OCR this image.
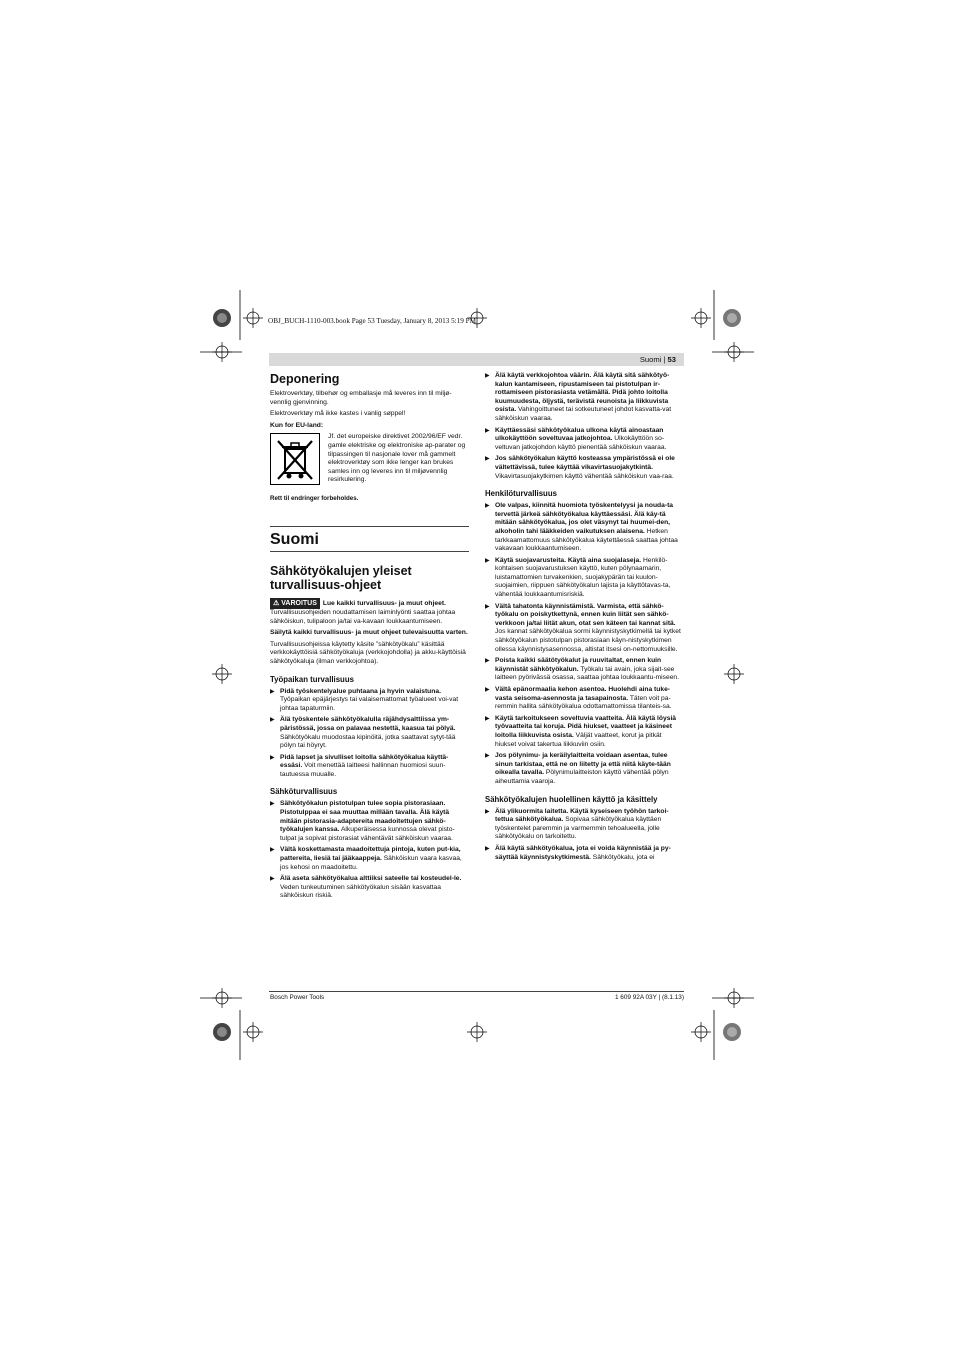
OBJ_BUCH-1110-003.book Page 53 Tuesday, January 8, 2013 5:19 PM
Suomi | 53
Deponering

Elektroverktøy, tilbehør og emballasje må leveres inn til miljø-vennlig gjenvinning.

Elektroverktøy må ikke kastes i vanlig søppel!

Kun for EU-land:

Jf. det europeiske direktivet 2002/96/EF vedr. gamle elektriske og elektroniske ap-parater og tilpassingen til nasjonale lover må gammelt elektroverktøy som ikke lenger kan brukes samles inn og leveres inn til miljøvennlig resirkulering.

Rett til endringer forbeholdes.

Suomi
Sähkötyökalujen yleiset turvallisuus-ohjeet

⚠ VAROITUS Lue kaikki turvallisuus- ja muut ohjeet. Turvallisuusohjeiden noudattamisen laiminlyönti saattaa johtaa sähköiskun, tulipaloon ja/tai va-kavaan loukkaantumiseen.

Säilytä kaikki turvallisuus- ja muut ohjeet tulevaisuutta varten.

Turvallisuusohjeissa käytetty käsite ”sähkötyökalu” käsittää verkkokäyttöisiä sähkötyökaluja (verkkojohdolla) ja akku-käyttöisiä sähkötyökaluja (ilman verkkojohtoa).

Työpaikan turvallisuus
▶ Pidä työskentelyalue puhtaana ja hyvin valaistuna. Työpaikan epäjärjestys tai valaisemattomat työalueet voi-vat johtaa tapaturmiin.
▶ Älä työskentele sähkötyökalulla räjähdysalttiissa ym-päristössä, jossa on palavaa nestettä, kaasua tai pölyä. Sähkötyökalu muodostaa kipinöitä, jotka saattavat sytyt-tää pölyn tai höyryt.
▶ Pidä lapset ja sivulliset loitolla sähkötyökalua käyttä-essäsi. Voit menettää laitteesi hallinnan huomiosi suun-tautuessa muualle.
Sähköturvallisuus
▶ Sähkötyökalun pistotulpan tulee sopia pistorasiaan. Pistotulppaa ei saa muuttaa millään tavalla. Älä käytä mitään pistorasia-adaptereita maadoitettujen sähkö-työkalujen kanssa. Alkuperäisessa kunnossa olevat pisto-tulpat ja sopivat pistorasiat vähentävät sähköiskun vaaraa.
▶ Vältä koskettamasta maadoitettuja pintoja, kuten put-kia, pattereita, liesiä tai jääkaappeja. Sähköiskun vaara kasvaa, jos kehosi on maadoitettu.
▶ Älä aseta sähkötyökalua alttiiksi sateelle tai kosteudel-le. Veden tunkeutuminen sähkötyökalun sisään kasvattaa sähköiskun riskiä.
▶ Älä käytä verkkojohtoa väärin. Älä käytä sitä sähkötyö-kalun kantamiseen, ripustamiseen tai pistotulpan ir-rottamiseen pistorasiasta vetämällä. Pidä johto loitolla kuumuudesta, öljystä, terävistä reunoista ja liikkuvista osista. Vahingoittuneet tai sotkeutuneet johdot kasvatta-vat sähköiskun vaaraa.
▶ Käyttäessäsi sähkötyökalua ulkona käytä ainoastaan ulkokäyttöön soveltuvaa jatkojohtoa. Ulkokäyttöön so-veltuvan jatkojohdon käyttö pienentää sähköiskun vaaraa.
▶ Jos sähkötyökalun käyttö kosteassa ympäristössä ei ole vältettävissä, tulee käyttää vikavirtasuojakytkintä. Vikavirtasuojakytkimen käyttö vähentää sähköiskun vaa-raa.
Henkilöturvallisuus
▶ Ole valpas, kiinnitä huomiota työskentelyysi ja nouda-ta tervettä järkeä sähkötyökalua käyttäessäsi. Älä käy-tä mitään sähkötyökalua, jos olet väsynyt tai huumei-den, alkoholin tahi lääkkeiden vaikutuksen alaisena. Hetken tarkkaamattomuus sähkötyökalua käytettäessä saattaa johtaa vakavaan loukkaantumiseen.
▶ Käytä suojavarusteita. Käytä aina suojalaseja. Henkilö-kohtaisen suojavarustuksen käyttö, kuten pölynaamarin, luistamattomien turvakenkien, suojakypärän tai kuulon-suojaimien, riippuen sähkötyökalun lajista ja käyttötavas-ta, vähentää loukkaantumisriskiä.
▶ Vältä tahatonta käynnistämistä. Varmista, että sähkö-työkalu on poiskytkettynä, ennen kuin liität sen sähkö-verkkoon ja/tai liität akun, otat sen käteen tai kannat sitä. Jos kannat sähkötyökalua sormi käynnistyskytkimellä tai kytket sähkötyökalun pistotulpan pistorasiaan käyn-nistyskytkimen ollessa käynnistysasennossa, altistat itsesi on-nettomuuksille.
▶ Poista kaikki säätötyökalut ja ruuvitaltat, ennen kuin käynnistät sähkötyökalun. Työkalu tai avain, joka sijait-see laitteen pyörivässä osassa, saattaa johtaa loukkaantu-miseen.
▶ Vältä epänormaalia kehon asentoa. Huolehdi aina tuke-vasta seisoma-asennosta ja tasapainosta. Täten voit pa-remmin hallita sähkötyökalua odottamattomissa tilanteis-sa.
▶ Käytä tarkoitukseen soveltuvia vaatteita. Älä käytä löysiä työvaatteita tai koruja. Pidä hiukset, vaatteet ja käsineet loitolla liikkuvista osista. Väljät vaatteet, korut ja pitkät hiukset voivat takertua liikkuviin osiin.
▶ Jos pölynimu- ja keräilylaitteita voidaan asentaa, tulee sinun tarkistaa, että ne on liitetty ja että niitä käyte-tään oikealla tavalla. Pölynimulaitteiston käyttö vähentää pölyn aiheuttamia vaaroja.
Sähkötyökalujen huolellinen käyttö ja käsittely
▶ Älä ylikuormita laitetta. Käytä kyseiseen työhön tarkoi-tettua sähkötyökalua. Sopivaa sähkötyökalua käyttäen työskentelet paremmin ja varmemmin tehoalueella, jolle sähkötyökalu on tarkoitettu.
▶ Älä käytä sähkötyökalua, jota ei voida käynnistää ja py-säyttää käynnistyskytkimestä. Sähkötyökalu, jota ei
Bosch Power Tools	1 609 92A 03Y | (8.1.13)
